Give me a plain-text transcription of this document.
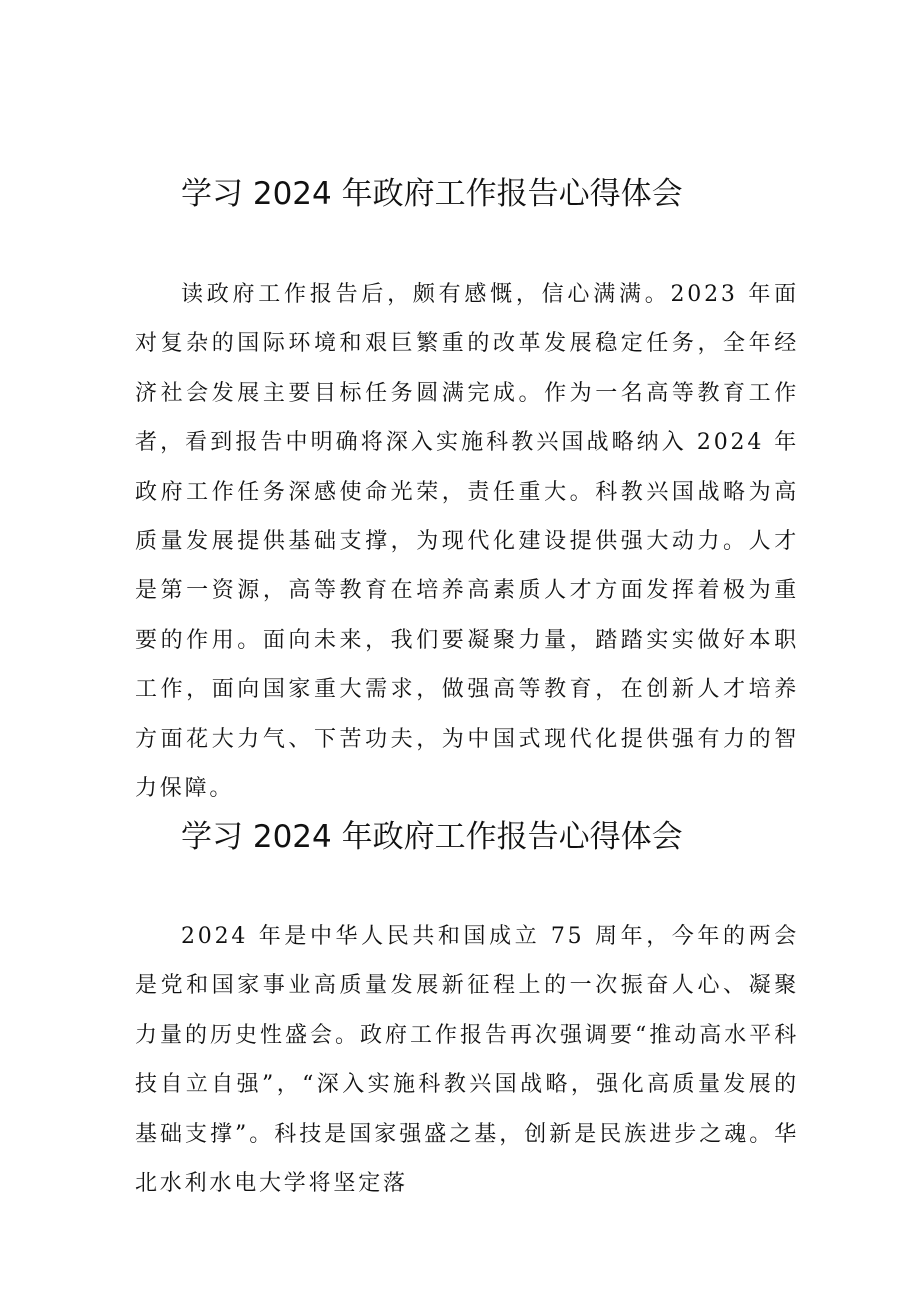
学习 2024 年政府工作报告心得体会

读政府工作报告后，颇有感慨，信心满满。2023 年面对复杂的国际环境和艰巨繁重的改革发展稳定任务，全年经济社会发展主要目标任务圆满完成。作为一名高等教育工作者，看到报告中明确将深入实施科教兴国战略纳入 2024 年政府工作任务深感使命光荣，责任重大。科教兴国战略为高质量发展提供基础支撑，为现代化建设提供强大动力。人才是第一资源，高等教育在培养高素质人才方面发挥着极为重要的作用。面向未来，我们要凝聚力量，踏踏实实做好本职工作，面向国家重大需求，做强高等教育，在创新人才培养方面花大力气、下苦功夫，为中国式现代化提供强有力的智力保障。

学习 2024 年政府工作报告心得体会

2024 年是中华人民共和国成立 75 周年，今年的两会是党和国家事业高质量发展新征程上的一次振奋人心、凝聚力量的历史性盛会。政府工作报告再次强调要“推动高水平科技自立自强”，“深入实施科教兴国战略，强化高质量发展的基础支撑”。科技是国家强盛之基，创新是民族进步之魂。华北水利水电大学将坚定落
